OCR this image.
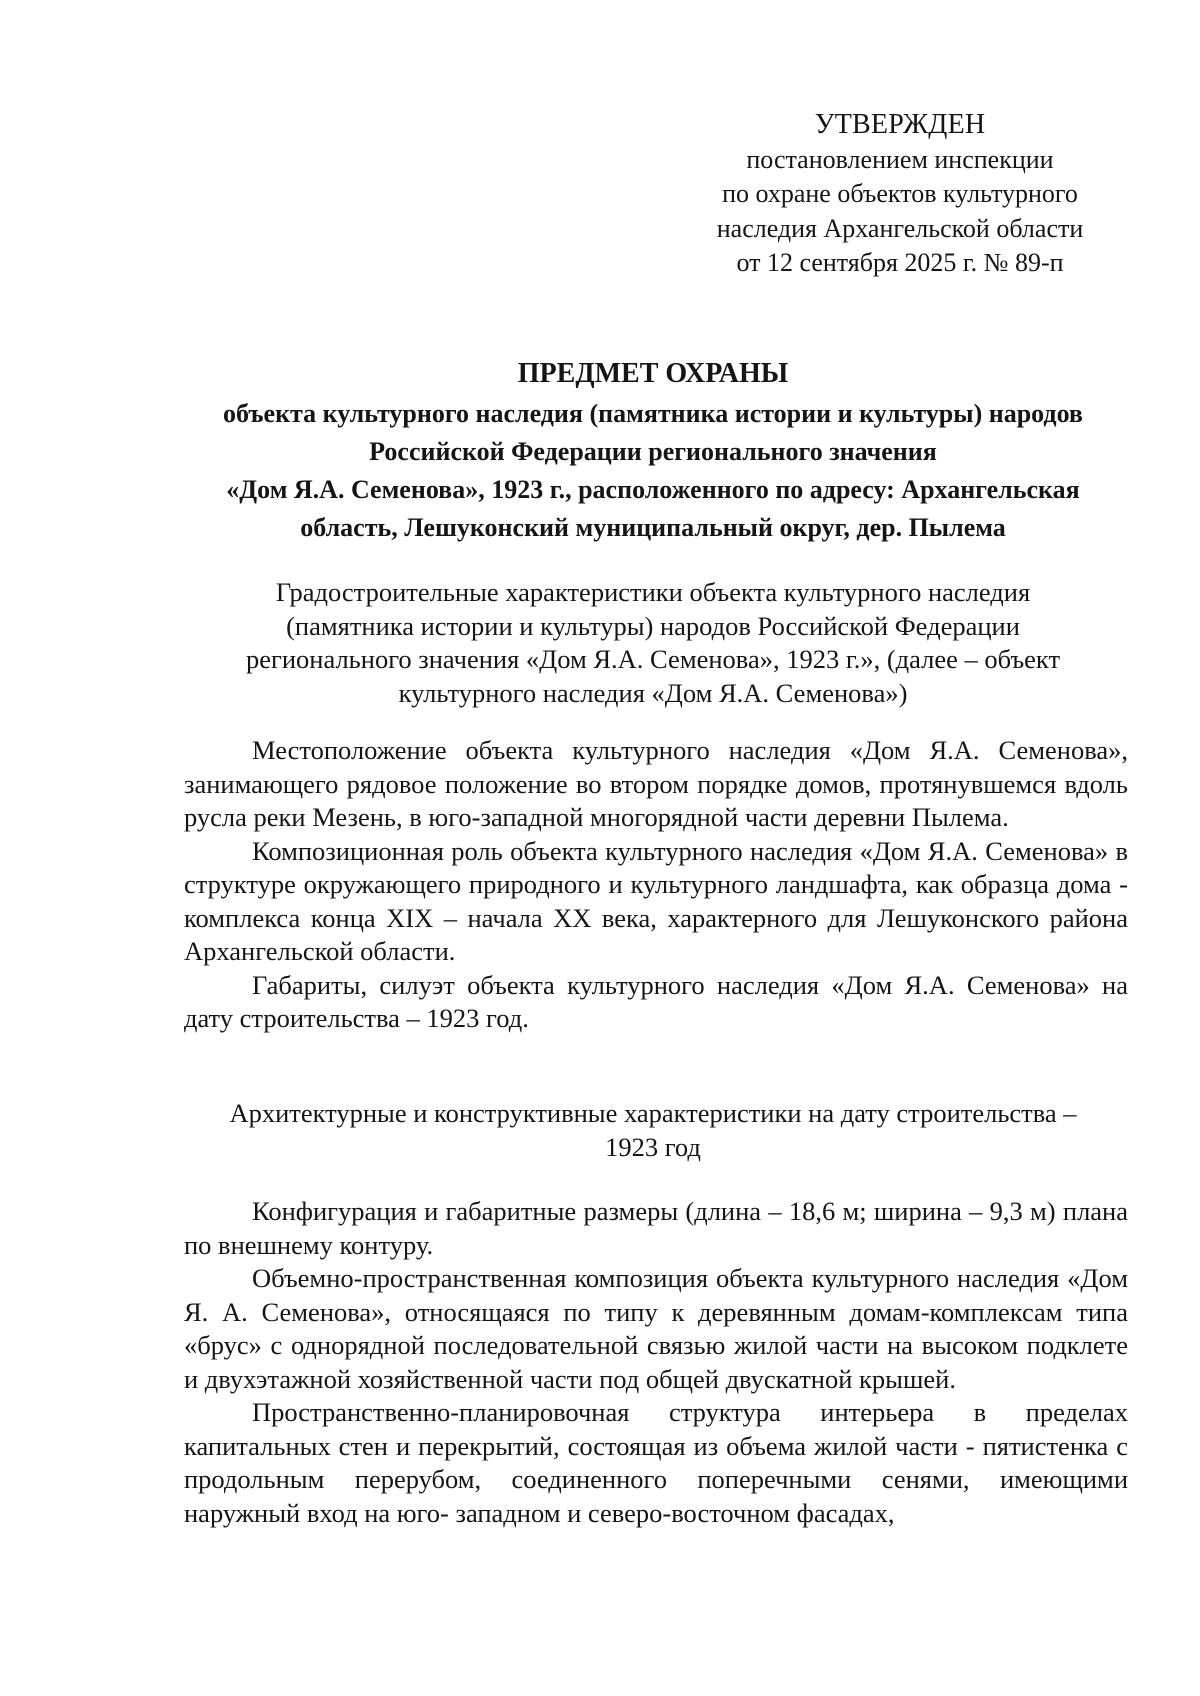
УТВЕРЖДЕН
постановлением инспекции
по охране объектов культурного
наследия Архангельской области
от 12 сентября 2025 г. № 89-п
ПРЕДМЕТ ОХРАНЫ
объекта культурного наследия (памятника истории и культуры) народов
Российской Федерации регионального значения
«Дом Я.А. Семенова», 1923 г., расположенного по адресу: Архангельская
область, Лешуконский муниципальный округ, дер. Пылема
Градостроительные характеристики объекта культурного наследия
(памятника истории и культуры) народов Российской Федерации
регионального значения «Дом Я.А. Семенова», 1923 г.», (далее – объект
культурного наследия «Дом Я.А. Семенова»)

Местоположение объекта культурного наследия «Дом Я.А. Семенова», занимающего рядовое положение во втором порядке домов, протянувшемся вдоль русла реки Мезень, в юго-западной многорядной части деревни Пылема.

Композиционная роль объекта культурного наследия «Дом Я.А. Семенова» в структуре окружающего природного и культурного ландшафта, как образца дома - комплекса конца XIX – начала XX века, характерного для Лешуконского района Архангельской области.

Габариты, силуэт объекта культурного наследия «Дом Я.А. Семенова» на дату строительства – 1923 год.

Архитектурные и конструктивные характеристики на дату строительства –
1923 год

Конфигурация и габаритные размеры (длина – 18,6 м; ширина – 9,3 м) плана по внешнему контуру.

Объемно-пространственная композиция объекта культурного наследия «Дом Я. А. Семенова», относящаяся по типу к деревянным домам-комплексам типа «брус» с однорядной последовательной связью жилой части на высоком подклете и двухэтажной хозяйственной части под общей двускатной крышей.

Пространственно-планировочная структура интерьера в пределах капитальных стен и перекрытий, состоящая из объема жилой части - пятистенка с продольным перерубом, соединенного поперечными сенями, имеющими наружный вход на юго- западном и северо-восточном фасадах,
